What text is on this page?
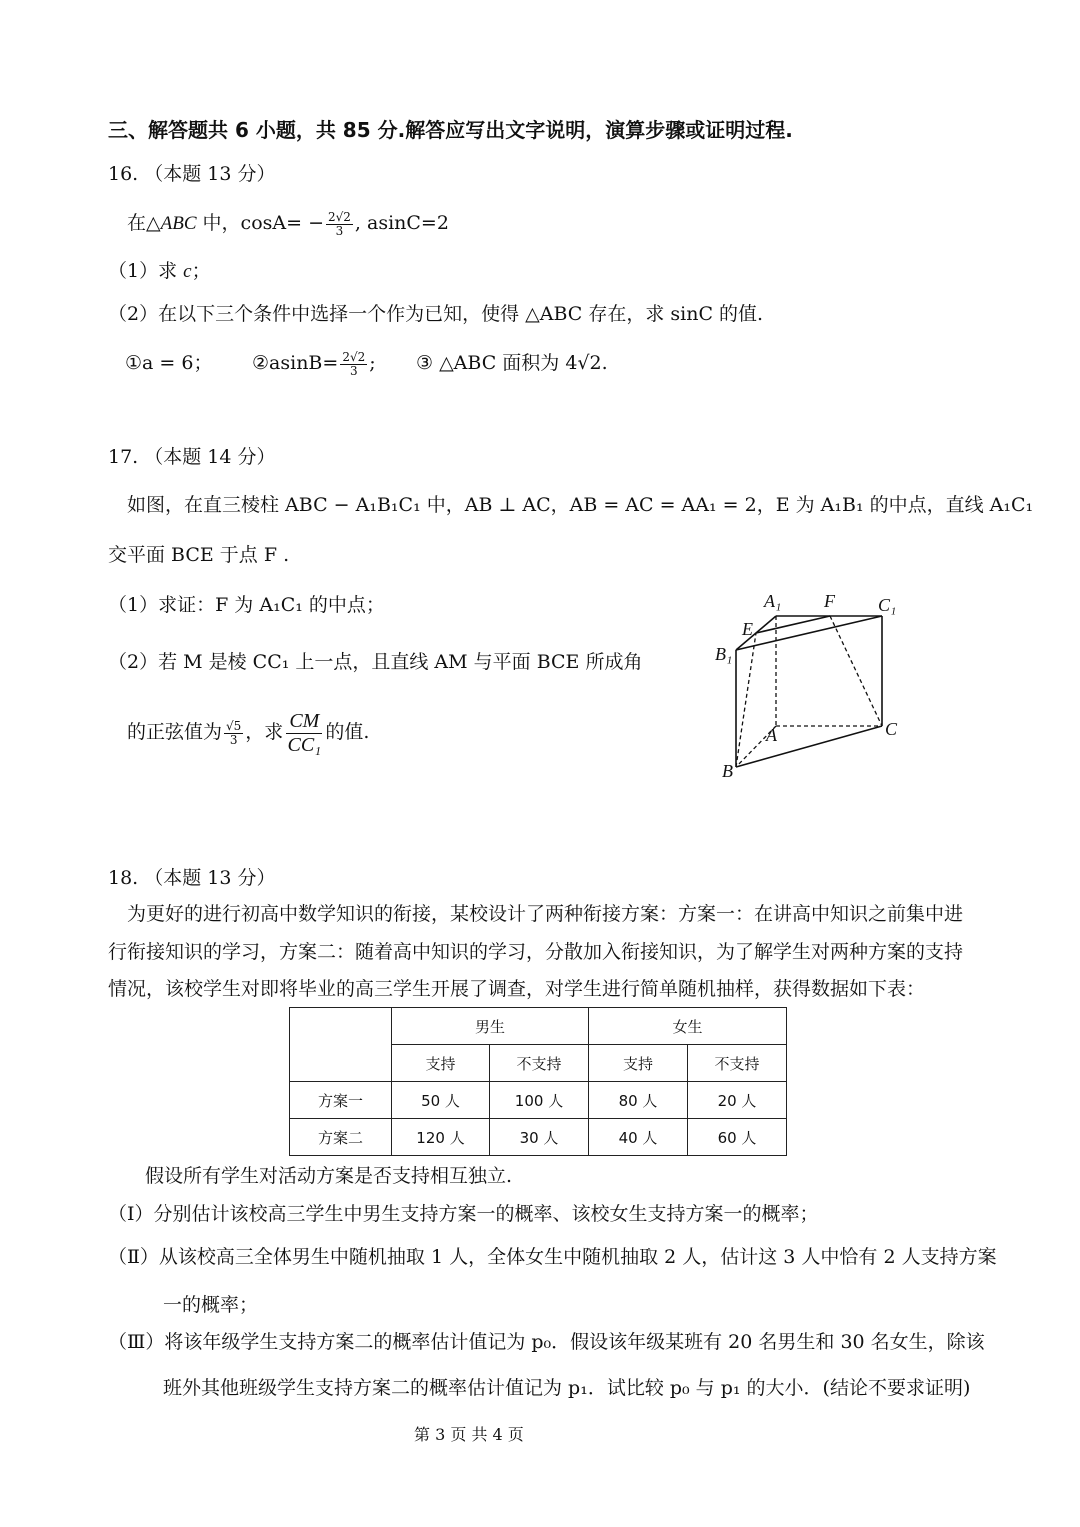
三、解答题共 6 小题，共 85 分.解答应写出文字说明，演算步骤或证明过程.
16. （本题 13 分）
在△ABC 中，$\cos A= - \frac{2√2}{3}$ , asinC=2
（1）求 c；
（2）在以下三个条件中选择一个作为已知，使得 △ABC 存在，求 sinC 的值.
①a = 6； ②asinB= $\frac{2√2}{3}$ ; ③ △ABC 面积为 4√2.
17. （本题 14 分）
如图，在直三棱柱 ABC − A₁B₁C₁ 中，AB ⊥ AC，AB = AC = AA₁ = 2，E 为 A₁B₁ 的中点，直线 A₁C₁
交平面 BCE 于点 F .
（1）求证：F 为 A₁C₁ 的中点；
（2）若 M 是棱 CC₁ 上一点，且直线 AM 与平面 BCE 所成角
的正弦值为 $\frac{√5}{3}$ ，求 $\frac{CM}{\text{CC₁}}$ 的值.
A₁ F C₁
E
B₁
A	C
B
18. （本题 13 分）
为更好的进行初高中数学知识的衔接，某校设计了两种衔接方案：方案一：在讲高中知识之前集中进
行衔接知识的学习，方案二：随着高中知识的学习，分散加入衔接知识，为了解学生对两种方案的支持
情况，该校学生对即将毕业的高三学生开展了调查，对学生进行简单随机抽样，获得数据如下表：
	男生		女生	
	支持	不支持	支持	不支持
方案一	50 人	100 人	80 人	20 人
方案二	120 人	30 人	40 人	60 人
假设所有学生对活动方案是否支持相互独立.
（Ⅰ）分别估计该校高三学生中男生支持方案一的概率、该校女生支持方案一的概率；
（Ⅱ）从该校高三全体男生中随机抽取 1 人，全体女生中随机抽取 2 人，估计这 3 人中恰有 2 人支持方案
一的概率；
（Ⅲ）将该年级学生支持方案二的概率估计值记为 p₀．假设该年级某班有 20 名男生和 30 名女生，除该
班外其他班级学生支持方案二的概率估计值记为 p₁．试比较 p₀ 与 p₁ 的大小．(结论不要求证明)
第 3 页 共 4 页
